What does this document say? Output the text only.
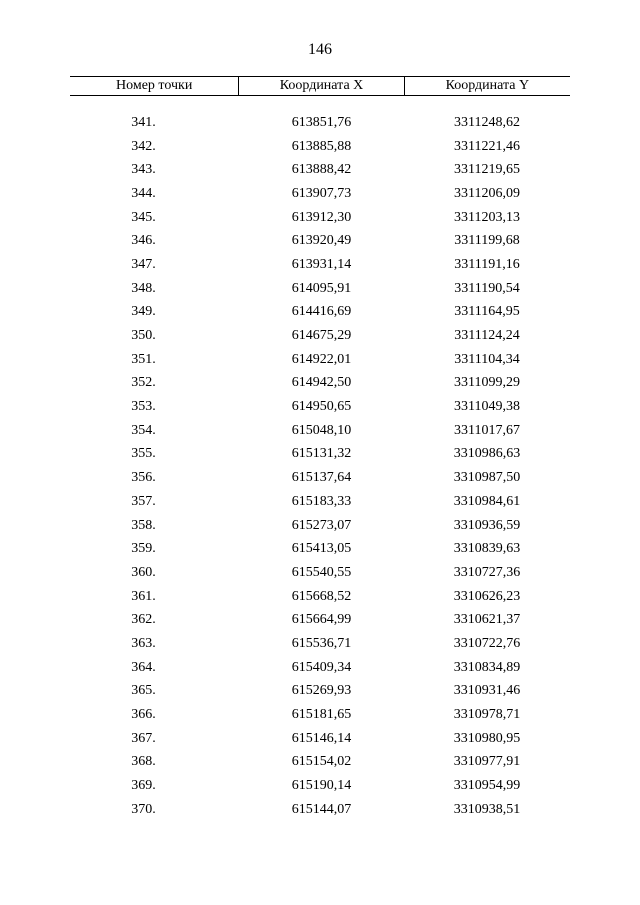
146
Номер точки	Координата X	Координата Y
341.	613851,76	3311248,62
342.	613885,88	3311221,46
343.	613888,42	3311219,65
344.	613907,73	3311206,09
345.	613912,30	3311203,13
346.	613920,49	3311199,68
347.	613931,14	3311191,16
348.	614095,91	3311190,54
349.	614416,69	3311164,95
350.	614675,29	3311124,24
351.	614922,01	3311104,34
352.	614942,50	3311099,29
353.	614950,65	3311049,38
354.	615048,10	3311017,67
355.	615131,32	3310986,63
356.	615137,64	3310987,50
357.	615183,33	3310984,61
358.	615273,07	3310936,59
359.	615413,05	3310839,63
360.	615540,55	3310727,36
361.	615668,52	3310626,23
362.	615664,99	3310621,37
363.	615536,71	3310722,76
364.	615409,34	3310834,89
365.	615269,93	3310931,46
366.	615181,65	3310978,71
367.	615146,14	3310980,95
368.	615154,02	3310977,91
369.	615190,14	3310954,99
370.	615144,07	3310938,51
